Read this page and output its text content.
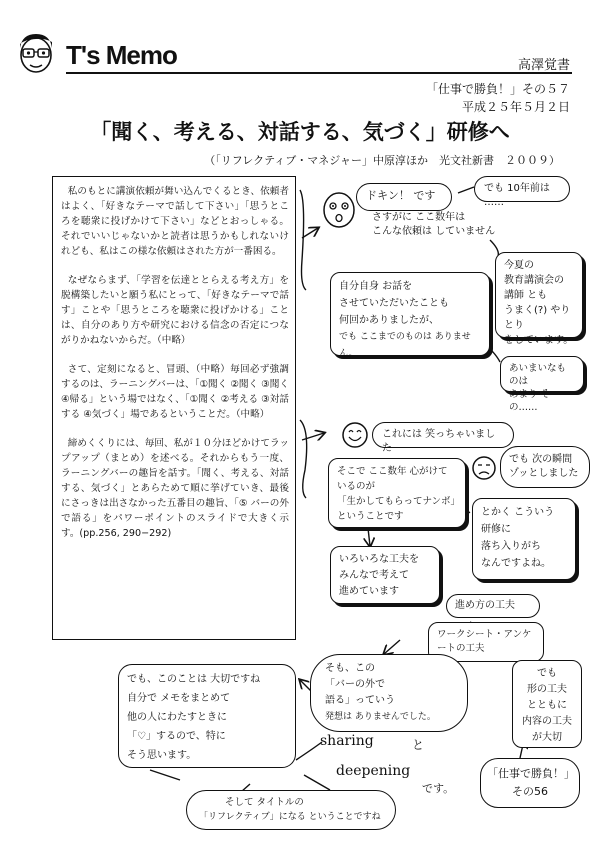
T's Memo	高澤覚書
「仕事で勝負！」その５７
平成２５年５月２日
「聞く、考える、対話する、気づく」研修へ
（「リフレクティブ・マネジャー」中原淳ほか　光文社新書　２００９）

私のもとに講演依頼が舞い込んでくるとき、依頼者はよく、「好きなテーマで話して下さい」「思うところを聴衆に投げかけて下さい」などとおっしゃる。それでいいじゃないかと読者は思うかもしれないけれども、私はこの様な依頼はされた方が一番困る。

なぜならまず、「学習を伝達ととらえる考え方」を脱構築したいと願う私にとって、「好きなテーマで話す」ことや「思うところを聴衆に投げかける」ことは、自分のあり方や研究における信念の否定につながりかねないからだ。（中略）

さて、定刻になると、冒頭、（中略）毎回必ず強調するのは、ラーニングバーは、「①聞く ②聞く ③聞く ④帰る」という場ではなく、「①聞く ②考える ③対話する ④気づく」場であるということだ。（中略）

締めくくりには、毎回、私が１０分ほどかけてラップアップ（まとめ）を述べる。それからもう一度、ラーニングバーの趣旨を話す。「聞く、考える、対話する、気づく」とあらためて順に挙げていき、最後にさっきは出さなかった五番目の趣旨、「⑤ バーの外で語る」をパワーポイントのスライドで大きく示す。(pp.256, 290−292)

(ಠ_ಠ)
ドキン！ です
でも 10年前は ……
さすがに ここ数年は
こんな依頼は していません
今夏の
教育講演会の
講師 とも
うまく(?) やりとり
をしています。
自分自身 お話を
させていただいたことも
何回かありましたが、
でも ここまでのものは ありません。
あいまいなものは
あまり その……
(^_^)
これには 笑っちゃいました
(ー_ー)
でも 次の瞬間
ゾッとしました
そこで ここ数年 心がけて
いるのが
「生かしてもらってナンボ」
ということです	とかく こういう
研修に
落ち入りがち
なんですよね。
いろいろな工夫を
みんなで考えて
進めています
進め方の工夫
ワークシート・アンケートの工夫
でも、このことは 大切ですね
自分で メモをまとめて
他の人にわたすときに
「♡」するので、特に
そう思います。
そも、この
「バーの外で
語る」っていう
発想は ありませんでした。
でも
形の工夫
とともに
内容の工夫
が大切
sharing	と
deepening
です。
そして タイトルの
「リフレクティブ」になる ということですね
「仕事で勝負！」
その56
